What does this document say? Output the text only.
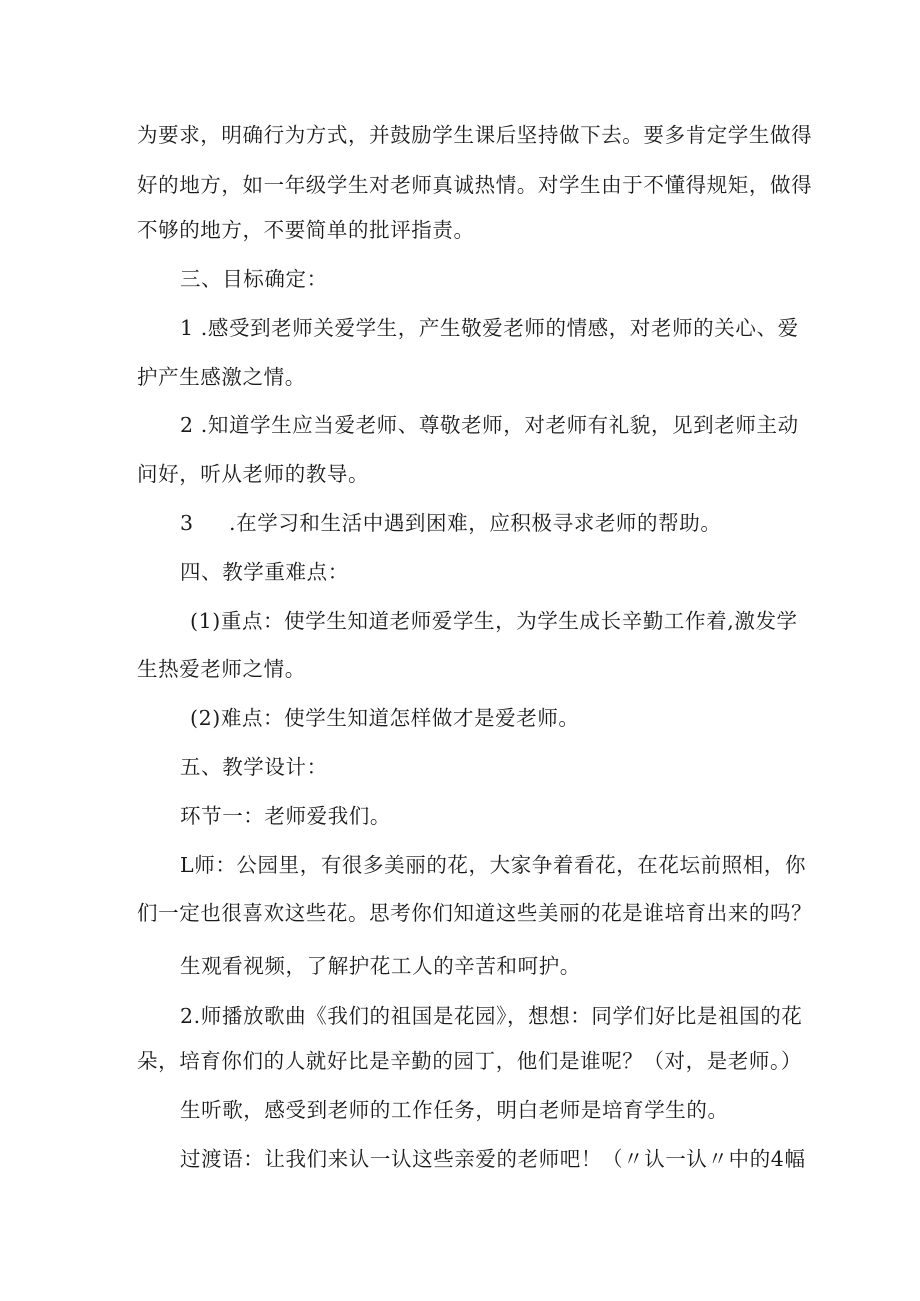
为要求，明确行为方式，并鼓励学生课后坚持做下去。要多肯定学生做得
好的地方，如一年级学生对老师真诚热情。对学生由于不懂得规矩，做得
不够的地方，不要简单的批评指责。
三、目标确定：
1 .感受到老师关爱学生，产生敬爱老师的情感，对老师的关心、爱
护产生感激之情。
2 .知道学生应当爱老师、尊敬老师，对老师有礼貌，见到老师主动
问好，听从老师的教导。
3 .在学习和生活中遇到困难，应积极寻求老师的帮助。
四、教学重难点：
(1)重点：使学生知道老师爱学生，为学生成长辛勤工作着,激发学
生热爱老师之情。
(2)难点：使学生知道怎样做才是爱老师。
五、教学设计：
环节一：老师爱我们。
L师：公园里，有很多美丽的花，大家争着看花，在花坛前照相，你
们一定也很喜欢这些花。思考你们知道这些美丽的花是谁培育出来的吗？
生观看视频，了解护花工人的辛苦和呵护。
2.师播放歌曲《我们的祖国是花园》，想想：同学们好比是祖国的花
朵，培育你们的人就好比是辛勤的园丁，他们是谁呢？（对，是老师。）
生听歌，感受到老师的工作任务，明白老师是培育学生的。
过渡语：让我们来认一认这些亲爱的老师吧！（〃认一认〃中的4幅
